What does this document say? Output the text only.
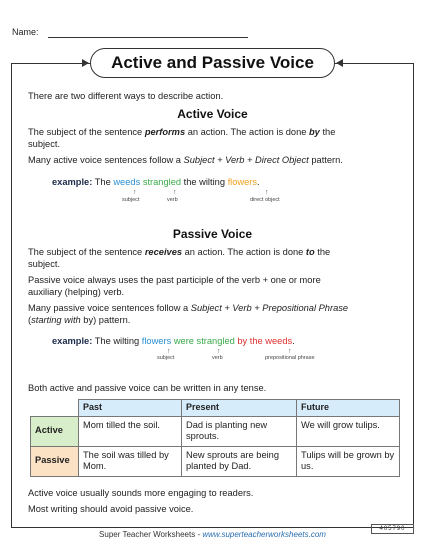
Name:
Active and Passive Voice
There are two different ways to describe action.
Active Voice
The subject of the sentence performs an action. The action is done by the
subject.
Many active voice sentences follow a Subject + Verb + Direct Object pattern.
example: The weeds strangled the wilting flowers.
↑	↑	↑
subject	verb	direct object
Passive Voice
The subject of the sentence receives an action. The action is done to the
subject.
Passive voice always uses the past participle of the verb + one or more
auxiliary (helping) verb.
Many passive voice sentences follow a Subject + Verb + Prepositional Phrase
(starting with by) pattern.
example: The wilting flowers were strangled by the weeds.
↑	↑	↑
subject	verb	prepositional phrase
Both active and passive voice can be written in any tense.
	Past	Present	Future
Active	Mom tilled the soil.	Dad is planting new sprouts.	We will grow tulips.
Passive	The soil was tilled by Mom.	New sprouts are being planted by Dad.	Tulips will be grown by us.
Active voice usually sounds more engaging to readers.
Most writing should avoid passive voice.
Super Teacher Worksheets - www.superteacherworksheets.com
405790
